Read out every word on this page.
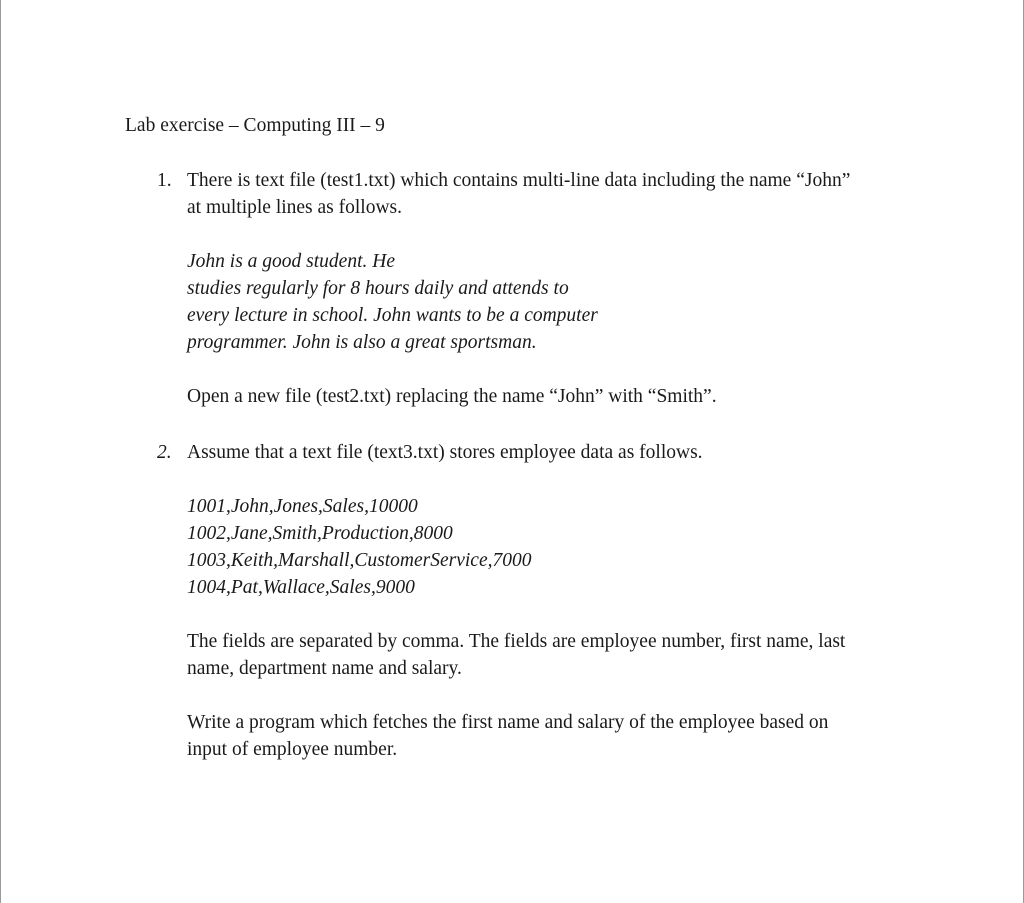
Lab exercise – Computing III – 9
1. There is text file (test1.txt) which contains multi-line data including the name “John”

at multiple lines as follows.

John is a good student. He
studies regularly for 8 hours daily and attends to
every lecture in school. John wants to be a computer
programmer. John is also a great sportsman.

Open a new file (test2.txt) replacing the name “John” with “Smith”.

2. Assume that a text file (text3.txt) stores employee data as follows.

1001,John,Jones,Sales,10000
1002,Jane,Smith,Production,8000
1003,Keith,Marshall,CustomerService,7000
1004,Pat,Wallace,Sales,9000

The fields are separated by comma. The fields are employee number, first name, last

name, department name and salary.

Write a program which fetches the first name and salary of the employee based on

input of employee number.
